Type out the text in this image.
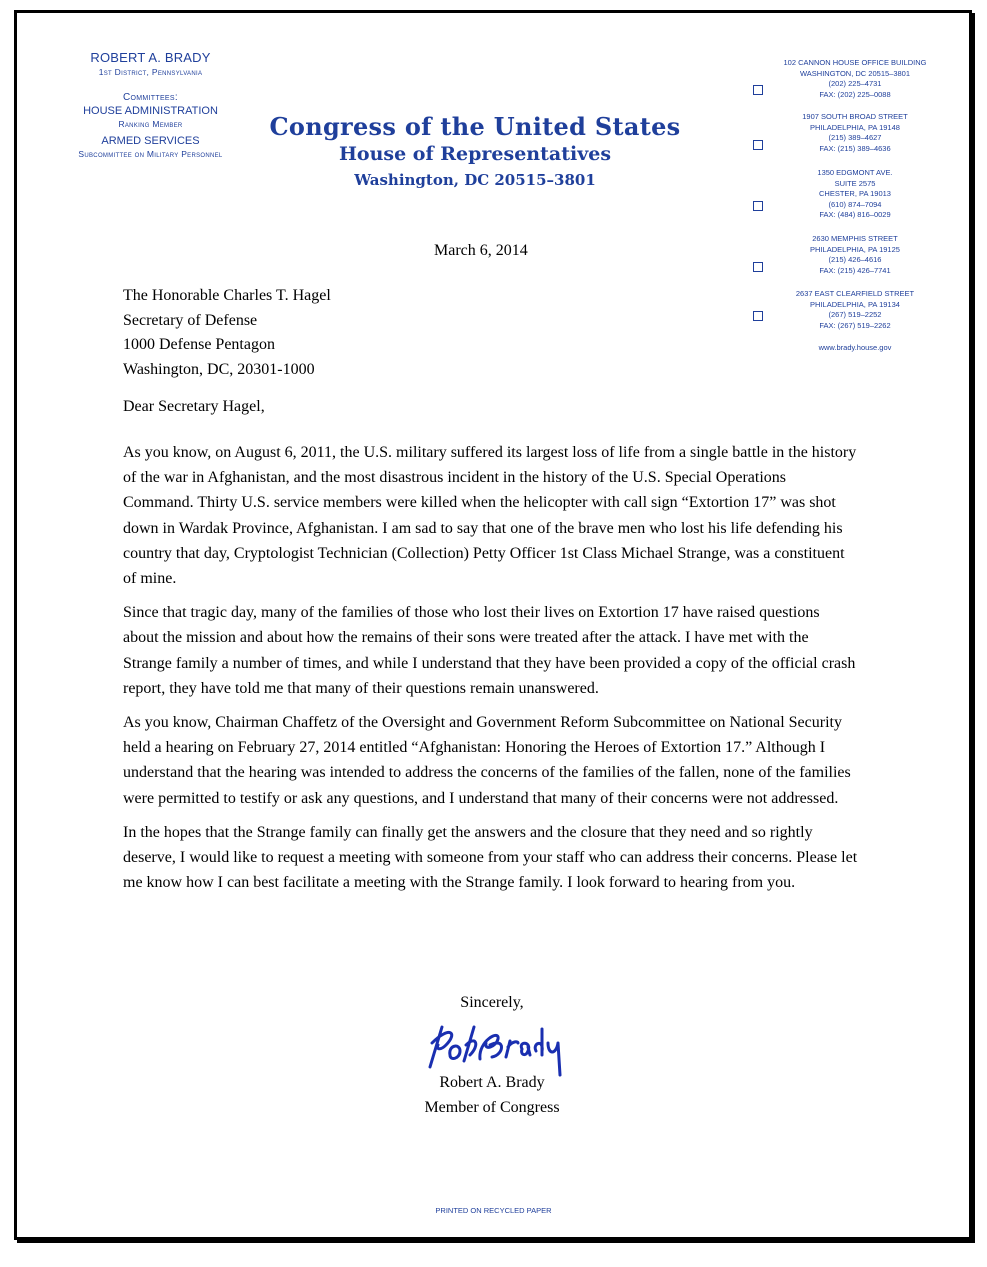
ROBERT A. BRADY
1st District, Pennsylvania
Committees:
HOUSE ADMINISTRATION
Ranking Member
ARMED SERVICES
Subcommittee on Military Personnel
Congress of the United States
House of Representatives
Washington, DC 20515–3801
102 CANNON HOUSE OFFICE BUILDING
WASHINGTON, DC 20515–3801
(202) 225–4731
FAX: (202) 225–0088
1907 SOUTH BROAD STREET
PHILADELPHIA, PA 19148
(215) 389–4627
FAX: (215) 389–4636
1350 EDGMONT AVE.
SUITE 2575
CHESTER, PA 19013
(610) 874–7094
FAX: (484) 816–0029
2630 MEMPHIS STREET
PHILADELPHIA, PA 19125
(215) 426–4616
FAX: (215) 426–7741
2637 EAST CLEARFIELD STREET
PHILADELPHIA, PA 19134
(267) 519–2252
FAX: (267) 519–2262
www.brady.house.gov
March 6, 2014
The Honorable Charles T. Hagel
Secretary of Defense
1000 Defense Pentagon
Washington, DC, 20301-1000
Dear Secretary Hagel,

As you know, on August 6, 2011, the U.S. military suffered its largest loss of life from a single battle in the history of the war in Afghanistan, and the most disastrous incident in the history of the U.S. Special Operations Command. Thirty U.S. service members were killed when the helicopter with call sign “Extortion 17” was shot down in Wardak Province, Afghanistan. I am sad to say that one of the brave men who lost his life defending his country that day, Cryptologist Technician (Collection) Petty Officer 1st Class Michael Strange, was a constituent of mine.

Since that tragic day, many of the families of those who lost their lives on Extortion 17 have raised questions about the mission and about how the remains of their sons were treated after the attack. I have met with the Strange family a number of times, and while I understand that they have been provided a copy of the official crash report, they have told me that many of their questions remain unanswered.

As you know, Chairman Chaffetz of the Oversight and Government Reform Subcommittee on National Security held a hearing on February 27, 2014 entitled “Afghanistan: Honoring the Heroes of Extortion 17.” Although I understand that the hearing was intended to address the concerns of the families of the fallen, none of the families were permitted to testify or ask any questions, and I understand that many of their concerns were not addressed.

In the hopes that the Strange family can finally get the answers and the closure that they need and so rightly deserve, I would like to request a meeting with someone from your staff who can address their concerns. Please let me know how I can best facilitate a meeting with the Strange family. I look forward to hearing from you.

Sincerely,
Robert A. Brady
Member of Congress
PRINTED ON RECYCLED PAPER
